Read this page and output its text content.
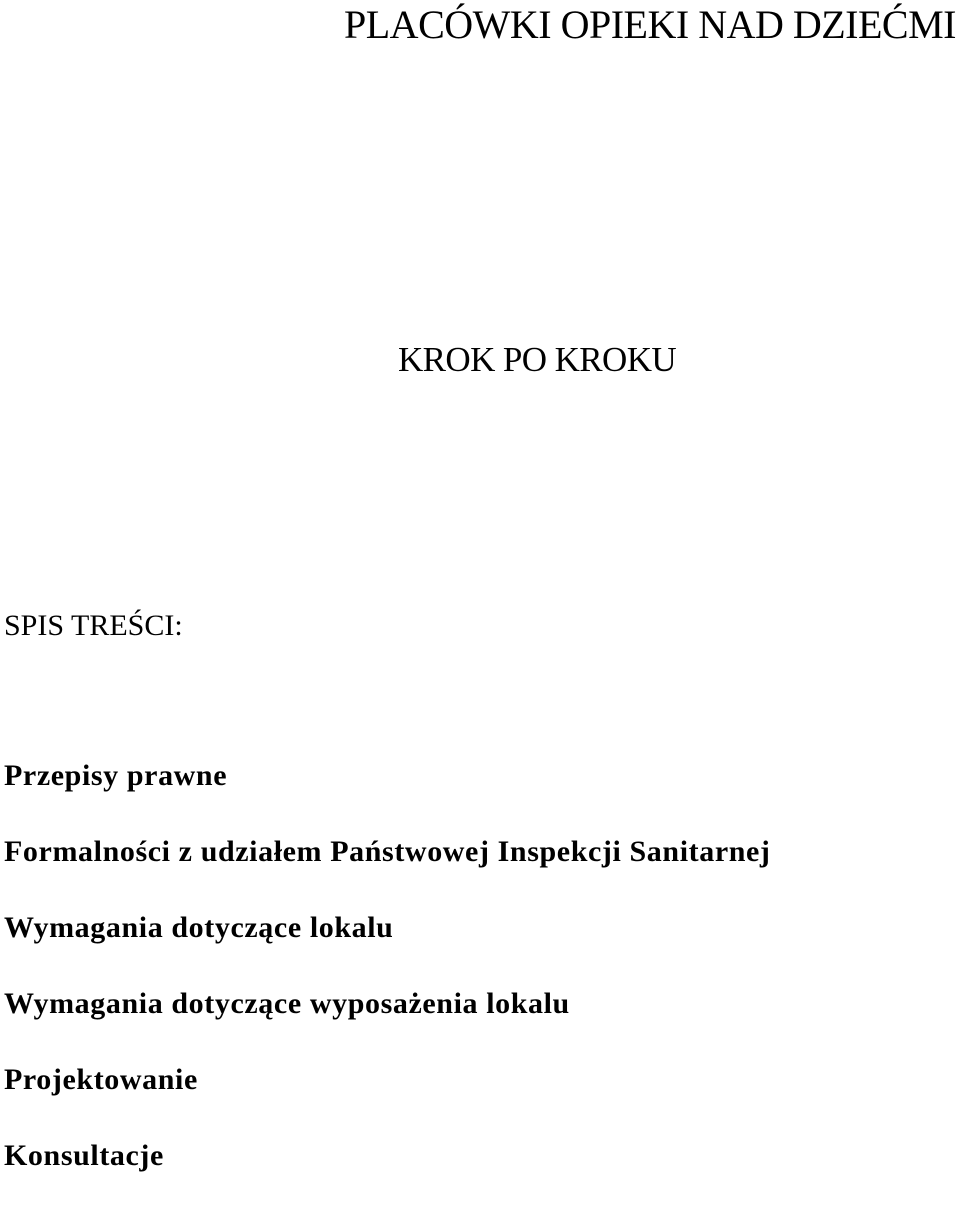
PLACÓWKI OPIEKI NAD DZIEĆMI
KROK PO KROKU
SPIS TREŚCI:
Przepisy prawne
Formalności z udziałem Państwowej Inspekcji Sanitarnej
Wymagania dotyczące lokalu
Wymagania dotyczące wyposażenia lokalu
Projektowanie
Konsultacje
